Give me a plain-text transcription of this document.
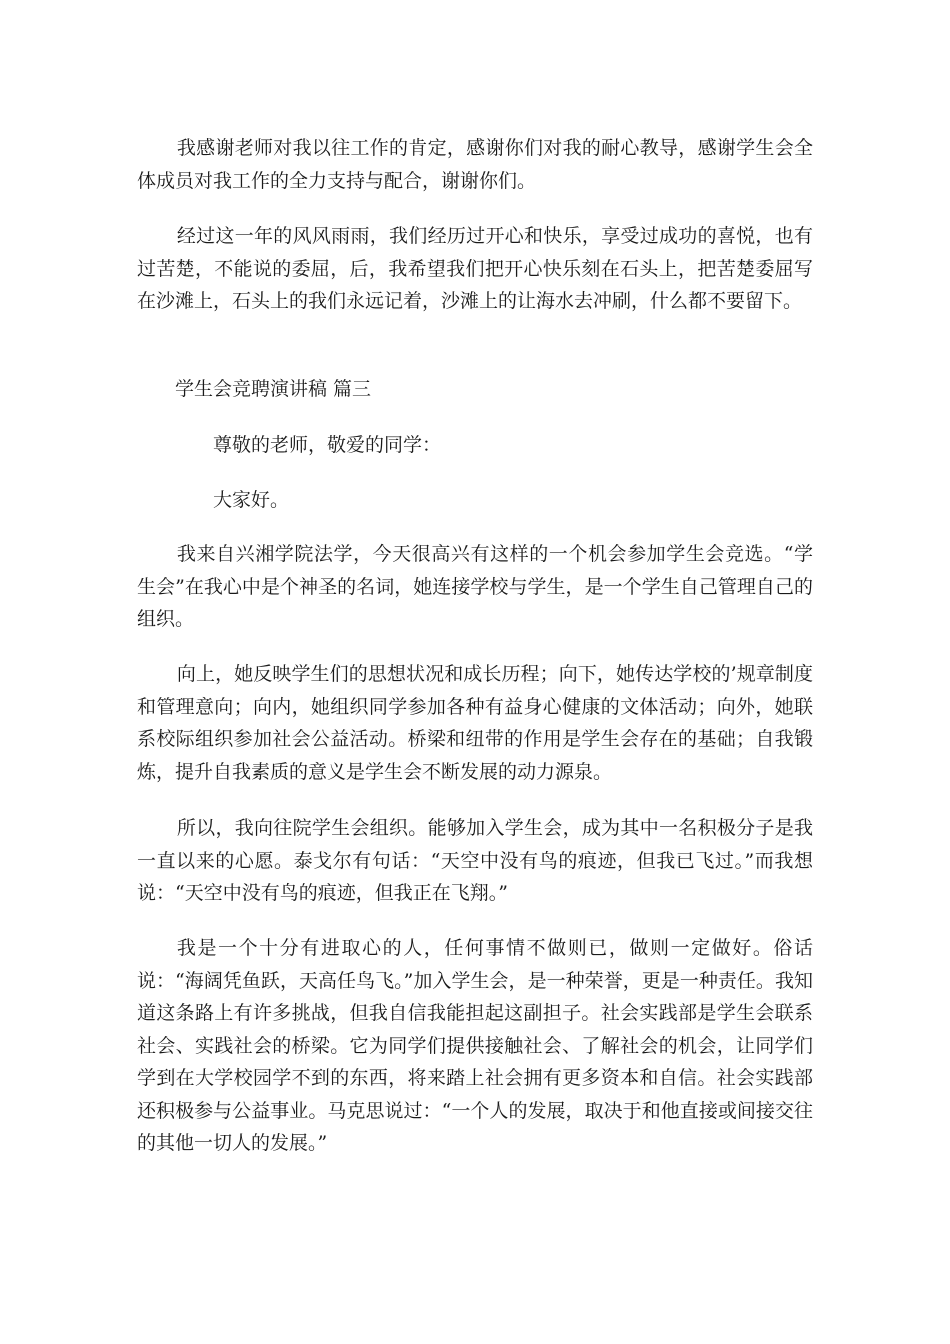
我感谢老师对我以往工作的肯定，感谢你们对我的耐心教导，感谢学生会全体成员对我工作的全力支持与配合，谢谢你们。

经过这一年的风风雨雨，我们经历过开心和快乐，享受过成功的喜悦，也有过苦楚，不能说的委屈，后，我希望我们把开心快乐刻在石头上，把苦楚委屈写在沙滩上，石头上的我们永远记着，沙滩上的让海水去冲刷，什么都不要留下。

学生会竞聘演讲稿 篇三

尊敬的老师，敬爱的同学：

大家好。

我来自兴湘学院法学，今天很高兴有这样的一个机会参加学生会竞选。“学生会”在我心中是个神圣的名词，她连接学校与学生，是一个学生自己管理自己的组织。

向上，她反映学生们的思想状况和成长历程；向下，她传达学校的’规章制度和管理意向；向内，她组织同学参加各种有益身心健康的文体活动；向外，她联系校际组织参加社会公益活动。桥梁和纽带的作用是学生会存在的基础；自我锻炼，提升自我素质的意义是学生会不断发展的动力源泉。

所以，我向往院学生会组织。能够加入学生会，成为其中一名积极分子是我一直以来的心愿。泰戈尔有句话：“天空中没有鸟的痕迹，但我已飞过。”而我想说：“天空中没有鸟的痕迹，但我正在飞翔。”

我是一个十分有进取心的人，任何事情不做则已，做则一定做好。俗话说：“海阔凭鱼跃，天高任鸟飞。”加入学生会，是一种荣誉，更是一种责任。我知道这条路上有许多挑战，但我自信我能担起这副担子。社会实践部是学生会联系社会、实践社会的桥梁。它为同学们提供接触社会、了解社会的机会，让同学们学到在大学校园学不到的东西，将来踏上社会拥有更多资本和自信。社会实践部还积极参与公益事业。马克思说过：“一个人的发展，取决于和他直接或间接交往的其他一切人的发展。”
